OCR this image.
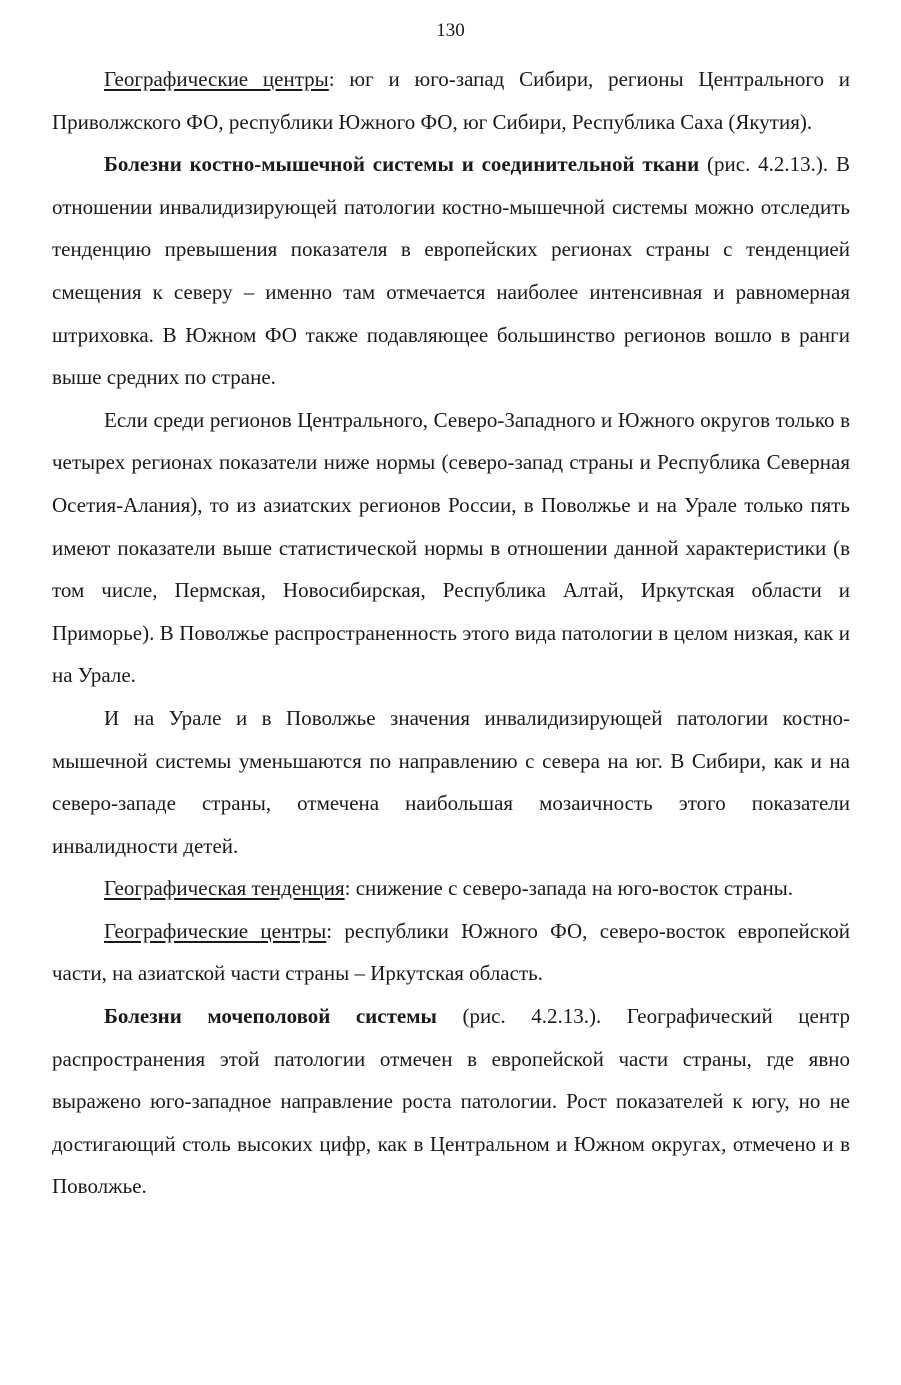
130

Географические центры: юг и юго-запад Сибири, регионы Центрального и Приволжского ФО, республики Южного ФО, юг Сибири, Республика Саха (Якутия).

Болезни костно-мышечной системы и соединительной ткани (рис. 4.2.13.). В отношении инвалидизирующей патологии костно-мышечной системы можно отследить тенденцию превышения показателя в европейских регионах страны с тенденцией смещения к северу – именно там отмечается наиболее интенсивная и равномерная штриховка. В Южном ФО также подавляющее большинство регионов вошло в ранги выше средних по стране.

Если среди регионов Центрального, Северо-Западного и Южного округов только в четырех регионах показатели ниже нормы (северо-запад страны и Республика Северная Осетия-Алания), то из азиатских регионов России, в Поволжье и на Урале только пять имеют показатели выше статистической нормы в отношении данной характеристики (в том числе, Пермская, Новосибирская, Республика Алтай, Иркутская области и Приморье). В Поволжье распространенность этого вида патологии в целом низкая, как и на Урале.

И на Урале и в Поволжье значения инвалидизирующей патологии костно-мышечной системы уменьшаются по направлению с севера на юг. В Сибири, как и на северо-западе страны, отмечена наибольшая мозаичность этого показатели инвалидности детей.

Географическая тенденция: снижение с северо-запада на юго-восток страны.

Географические центры: республики Южного ФО, северо-восток европейской части, на азиатской части страны – Иркутская область.

Болезни мочеполовой системы (рис. 4.2.13.). Географический центр распространения этой патологии отмечен в европейской части страны, где явно выражено юго-западное направление роста патологии. Рост показателей к югу, но не достигающий столь высоких цифр, как в Центральном и Южном округах, отмечено и в Поволжье.
